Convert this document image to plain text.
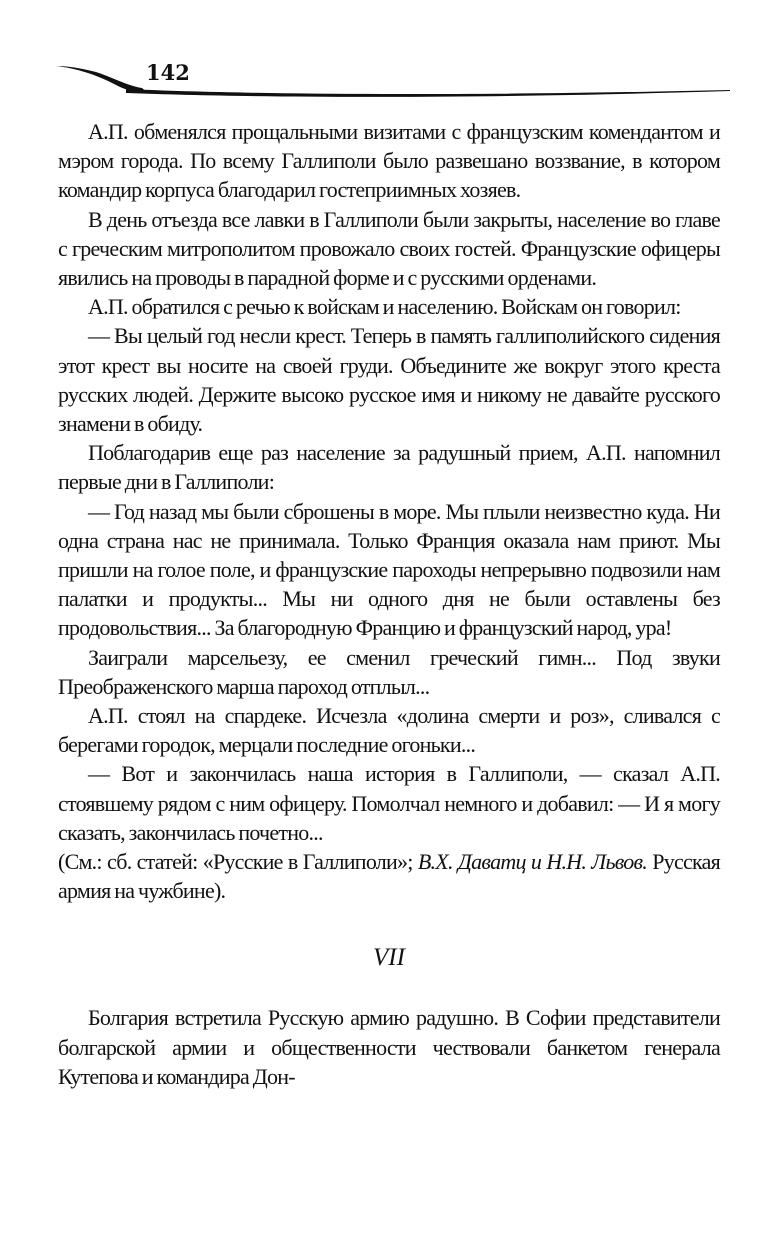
142

А.П. обменялся прощальными визитами с французским комендантом и мэром города. По всему Галлиполи было развешано воззвание, в котором командир корпуса благодарил гостеприимных хозяев.

В день отъезда все лавки в Галлиполи были закрыты, население во главе с греческим митрополитом провожало своих гостей. Французские офицеры явились на проводы в парадной форме и с русскими орденами.

А.П. обратился с речью к войскам и населению. Войскам он говорил:

— Вы целый год несли крест. Теперь в память галлиполийского сидения этот крест вы носите на своей груди. Объедините же вокруг этого креста русских людей. Держите высоко русское имя и никому не давайте русского знамени в обиду.

Поблагодарив еще раз население за радушный прием, А.П. напомнил первые дни в Галлиполи:

— Год назад мы были сброшены в море. Мы плыли неизвестно куда. Ни одна страна нас не принимала. Только Франция оказала нам приют. Мы пришли на голое поле, и французские пароходы непрерывно подвозили нам палатки и продукты... Мы ни одного дня не были оставлены без продовольствия... За благородную Францию и французский народ, ура!

Заиграли марсельезу, ее сменил греческий гимн... Под звуки Преображенского марша пароход отплыл...

А.П. стоял на спардеке. Исчезла «долина смерти и роз», сливался с берегами городок, мерцали последние огоньки...

— Вот и закончилась наша история в Галлиполи, — сказал А.П. стоявшему рядом с ним офицеру. Помолчал немного и добавил: — И я могу сказать, закончилась почетно...

(См.: сб. статей: «Русские в Галлиполи»; В.Х. Даватц и Н.Н. Львов. Русская армия на чужбине).

VII

Болгария встретила Русскую армию радушно. В Софии представители болгарской армии и общественности чествовали банкетом генерала Кутепова и командира Дон-
